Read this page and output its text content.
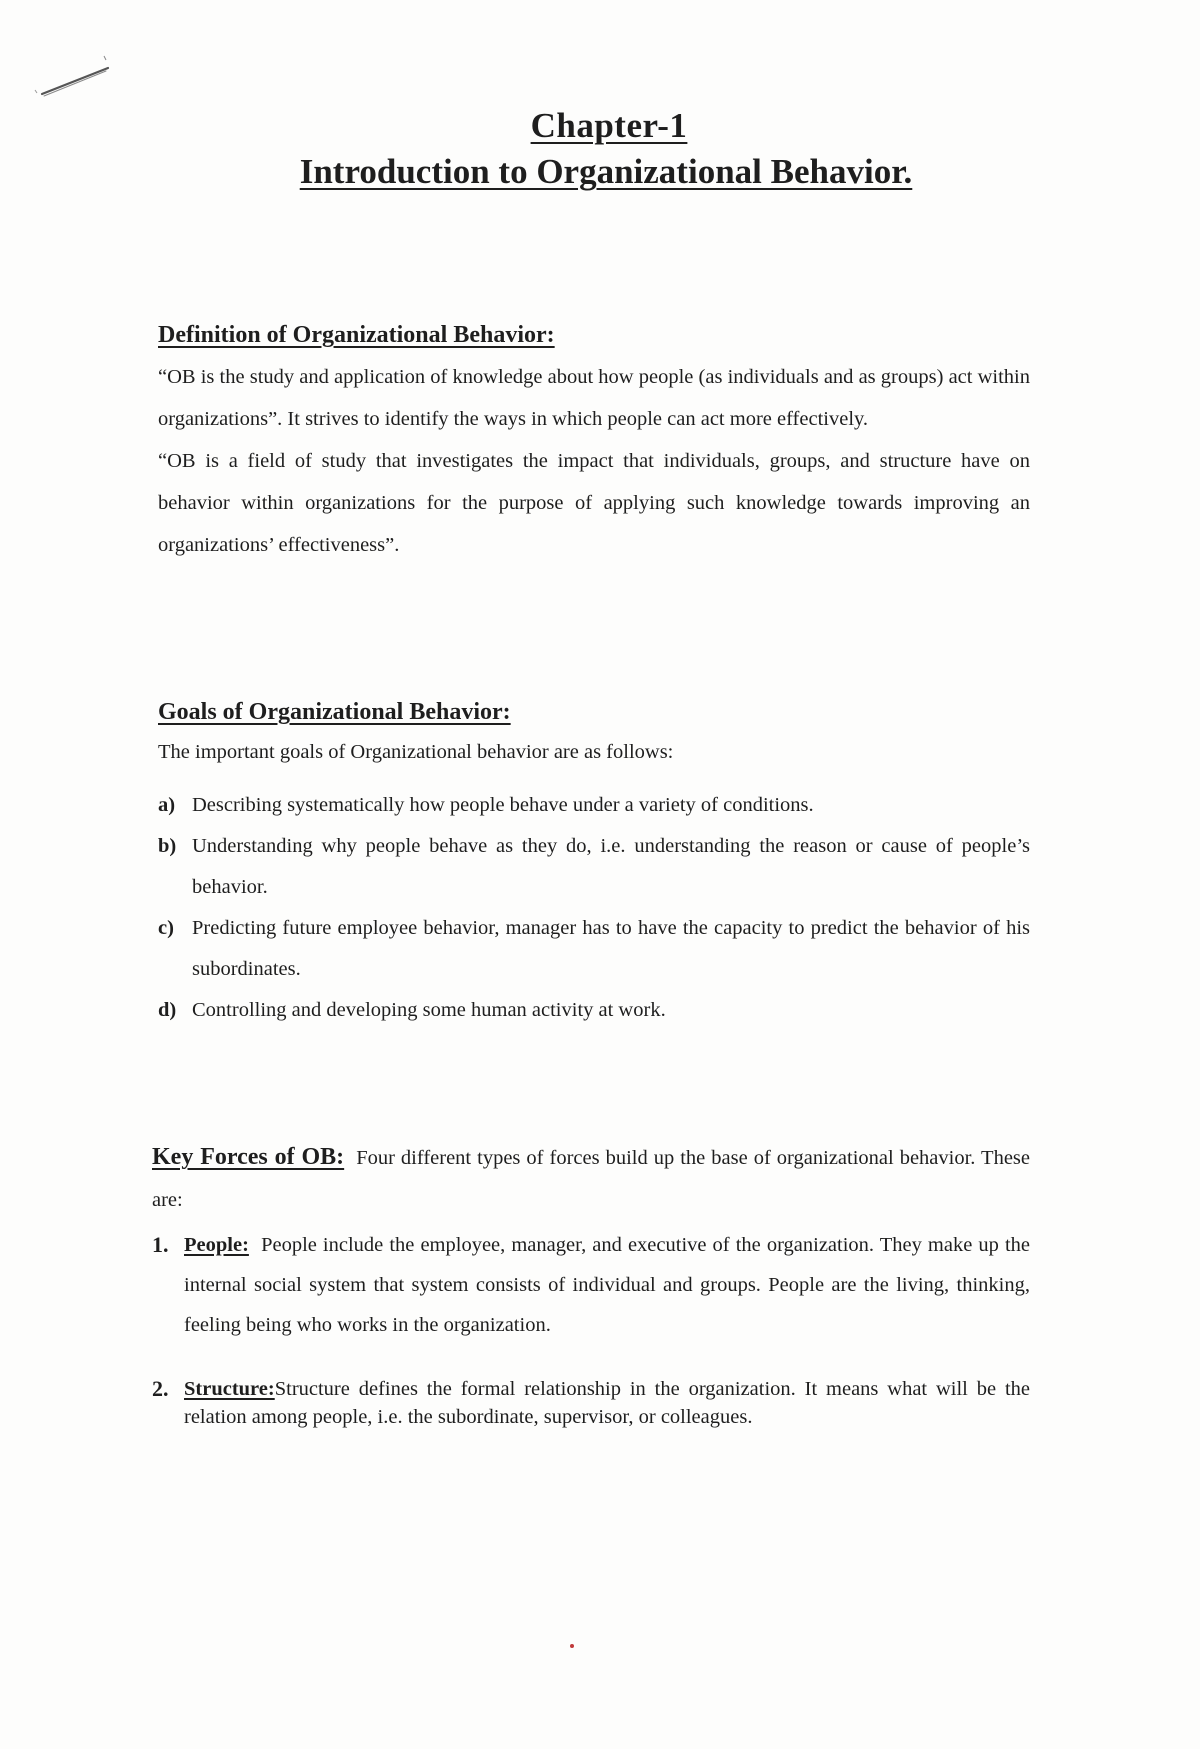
Chapter-1
Introduction to Organizational Behavior.
Definition of Organizational Behavior:

“OB is the study and application of knowledge about how people (as individuals and as groups) act within organizations”. It strives to identify the ways in which people can act more effectively.

“OB is a field of study that investigates the impact that individuals, groups, and structure have on behavior within organizations for the purpose of applying such knowledge towards improving an organizations’ effectiveness”.

Goals of Organizational Behavior:

The important goals of Organizational behavior are as follows:

a) Describing systematically how people behave under a variety of conditions.
b) Understanding why people behave as they do, i.e. understanding the reason or cause of people’s behavior.
c) Predicting future employee behavior, manager has to have the capacity to predict the behavior of his subordinates.
d) Controlling and developing some human activity at work.

Key Forces of OB: Four different types of forces build up the base of organizational behavior. These are:

1. People: People include the employee, manager, and executive of the organization. They make up the internal social system that system consists of individual and groups. People are the living, thinking, feeling being who works in the organization.
2. Structure:Structure defines the formal relationship in the organization. It means what will be the relation among people, i.e. the subordinate, supervisor, or colleagues.
